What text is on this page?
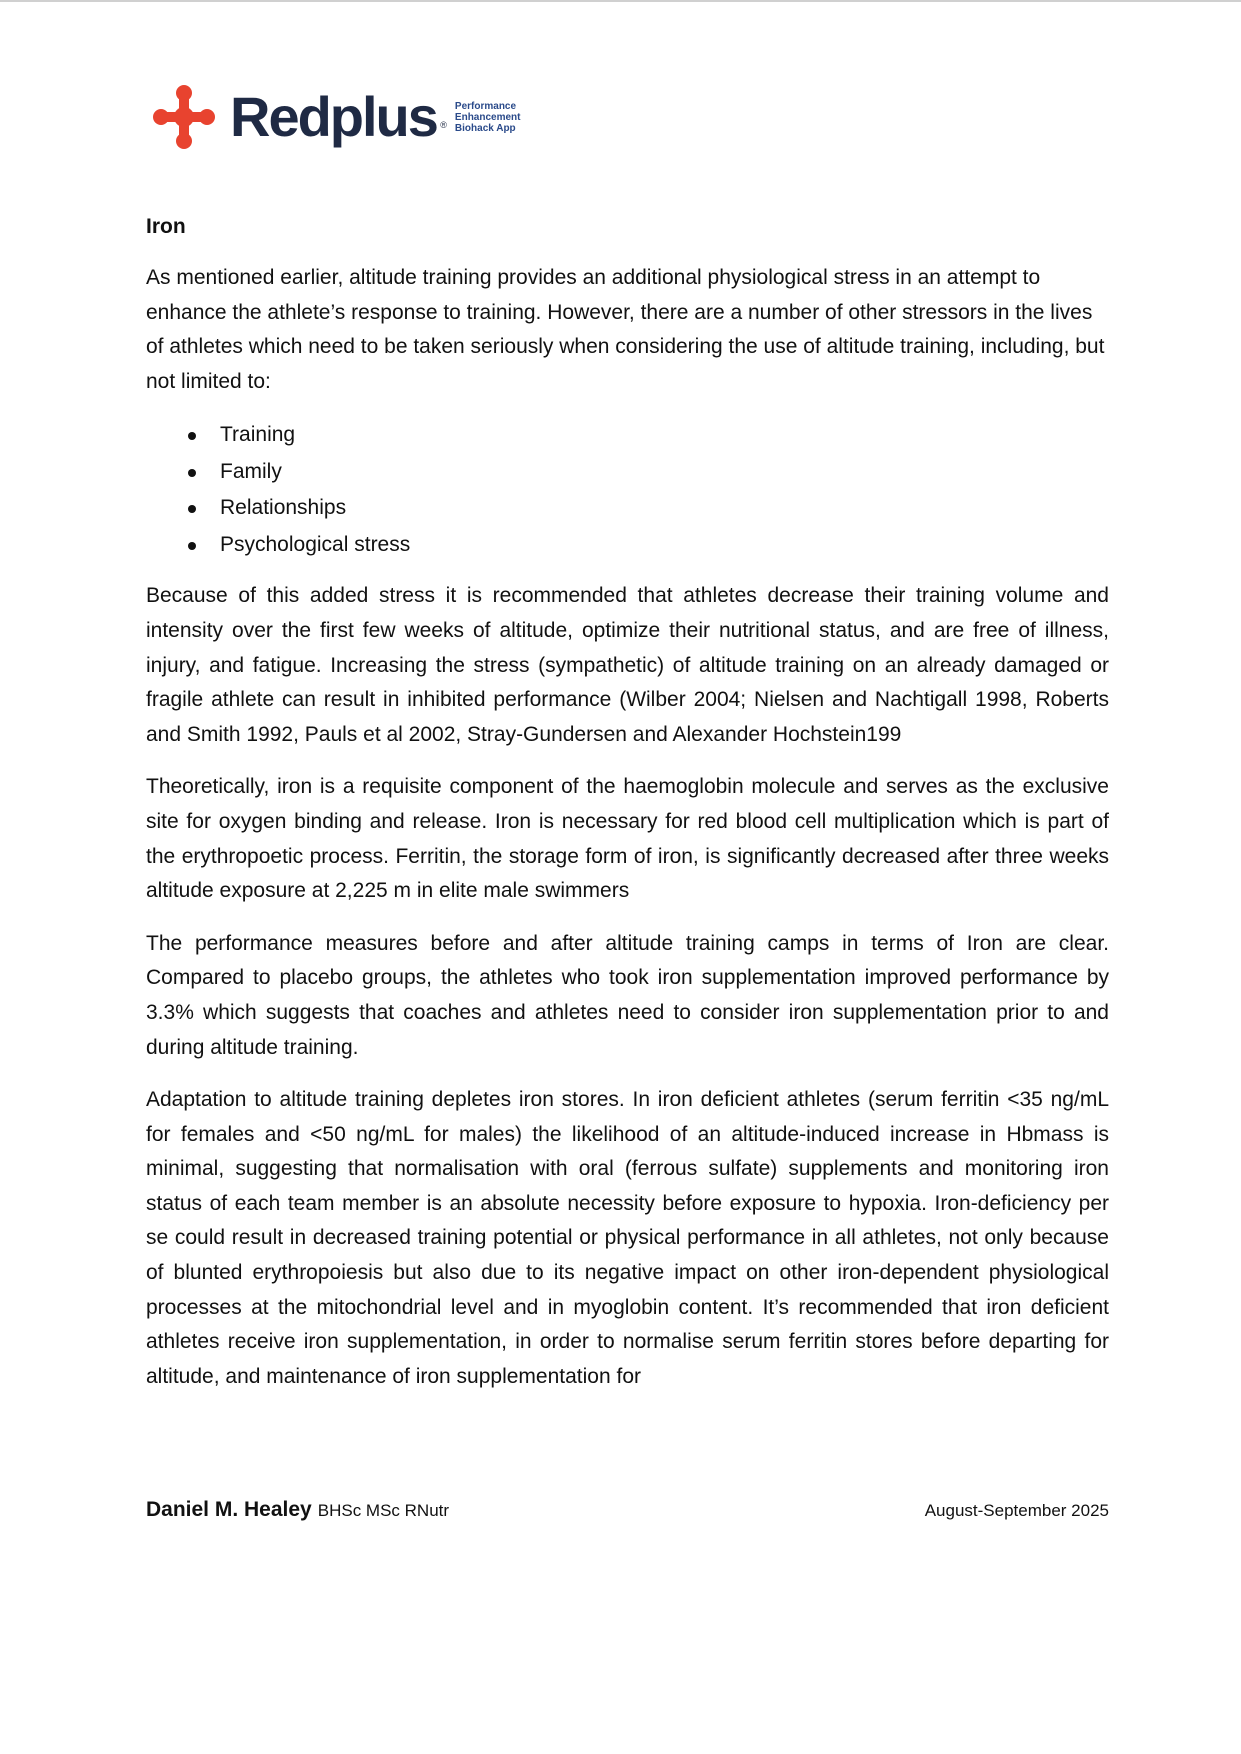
Redplus ®
Performance
Enhancement
Biohack App
Iron

As mentioned earlier, altitude training provides an additional physiological stress in an attempt to enhance the athlete’s response to training. However, there are a number of other stressors in the lives of athletes which need to be taken seriously when considering the use of altitude training, including, but not limited to:

Training
Family
Relationships
Psychological stress

Because of this added stress it is recommended that athletes decrease their training volume and intensity over the first few weeks of altitude, optimize their nutritional status, and are free of illness, injury, and fatigue. Increasing the stress (sympathetic) of altitude training on an already damaged or fragile athlete can result in inhibited performance (Wilber 2004; Nielsen and Nachtigall 1998, Roberts and Smith 1992, Pauls et al 2002, Stray-Gundersen and Alexander Hochstein199

Theoretically, iron is a requisite component of the haemoglobin molecule and serves as the exclusive site for oxygen binding and release. Iron is necessary for red blood cell multiplication which is part of the erythropoetic process. Ferritin, the storage form of iron, is significantly decreased after three weeks altitude exposure at 2,225 m in elite male swimmers

The performance measures before and after altitude training camps in terms of Iron are clear. Compared to placebo groups, the athletes who took iron supplementation improved performance by 3.3% which suggests that coaches and athletes need to consider iron supplementation prior to and during altitude training.

Adaptation to altitude training depletes iron stores. In iron deficient athletes (serum ferritin <35 ng/mL for females and <50 ng/mL for males) the likelihood of an altitude-induced increase in Hbmass is minimal, suggesting that normalisation with oral (ferrous sulfate) supplements and monitoring iron status of each team member is an absolute necessity before exposure to hypoxia. Iron-deficiency per se could result in decreased training potential or physical performance in all athletes, not only because of blunted erythropoiesis but also due to its negative impact on other iron-dependent physiological processes at the mitochondrial level and in myoglobin content. It’s recommended that iron deficient athletes receive iron supplementation, in order to normalise serum ferritin stores before departing for altitude, and maintenance of iron supplementation for

Daniel M. Healey BHSc MSc RNutr	August-September 2025
